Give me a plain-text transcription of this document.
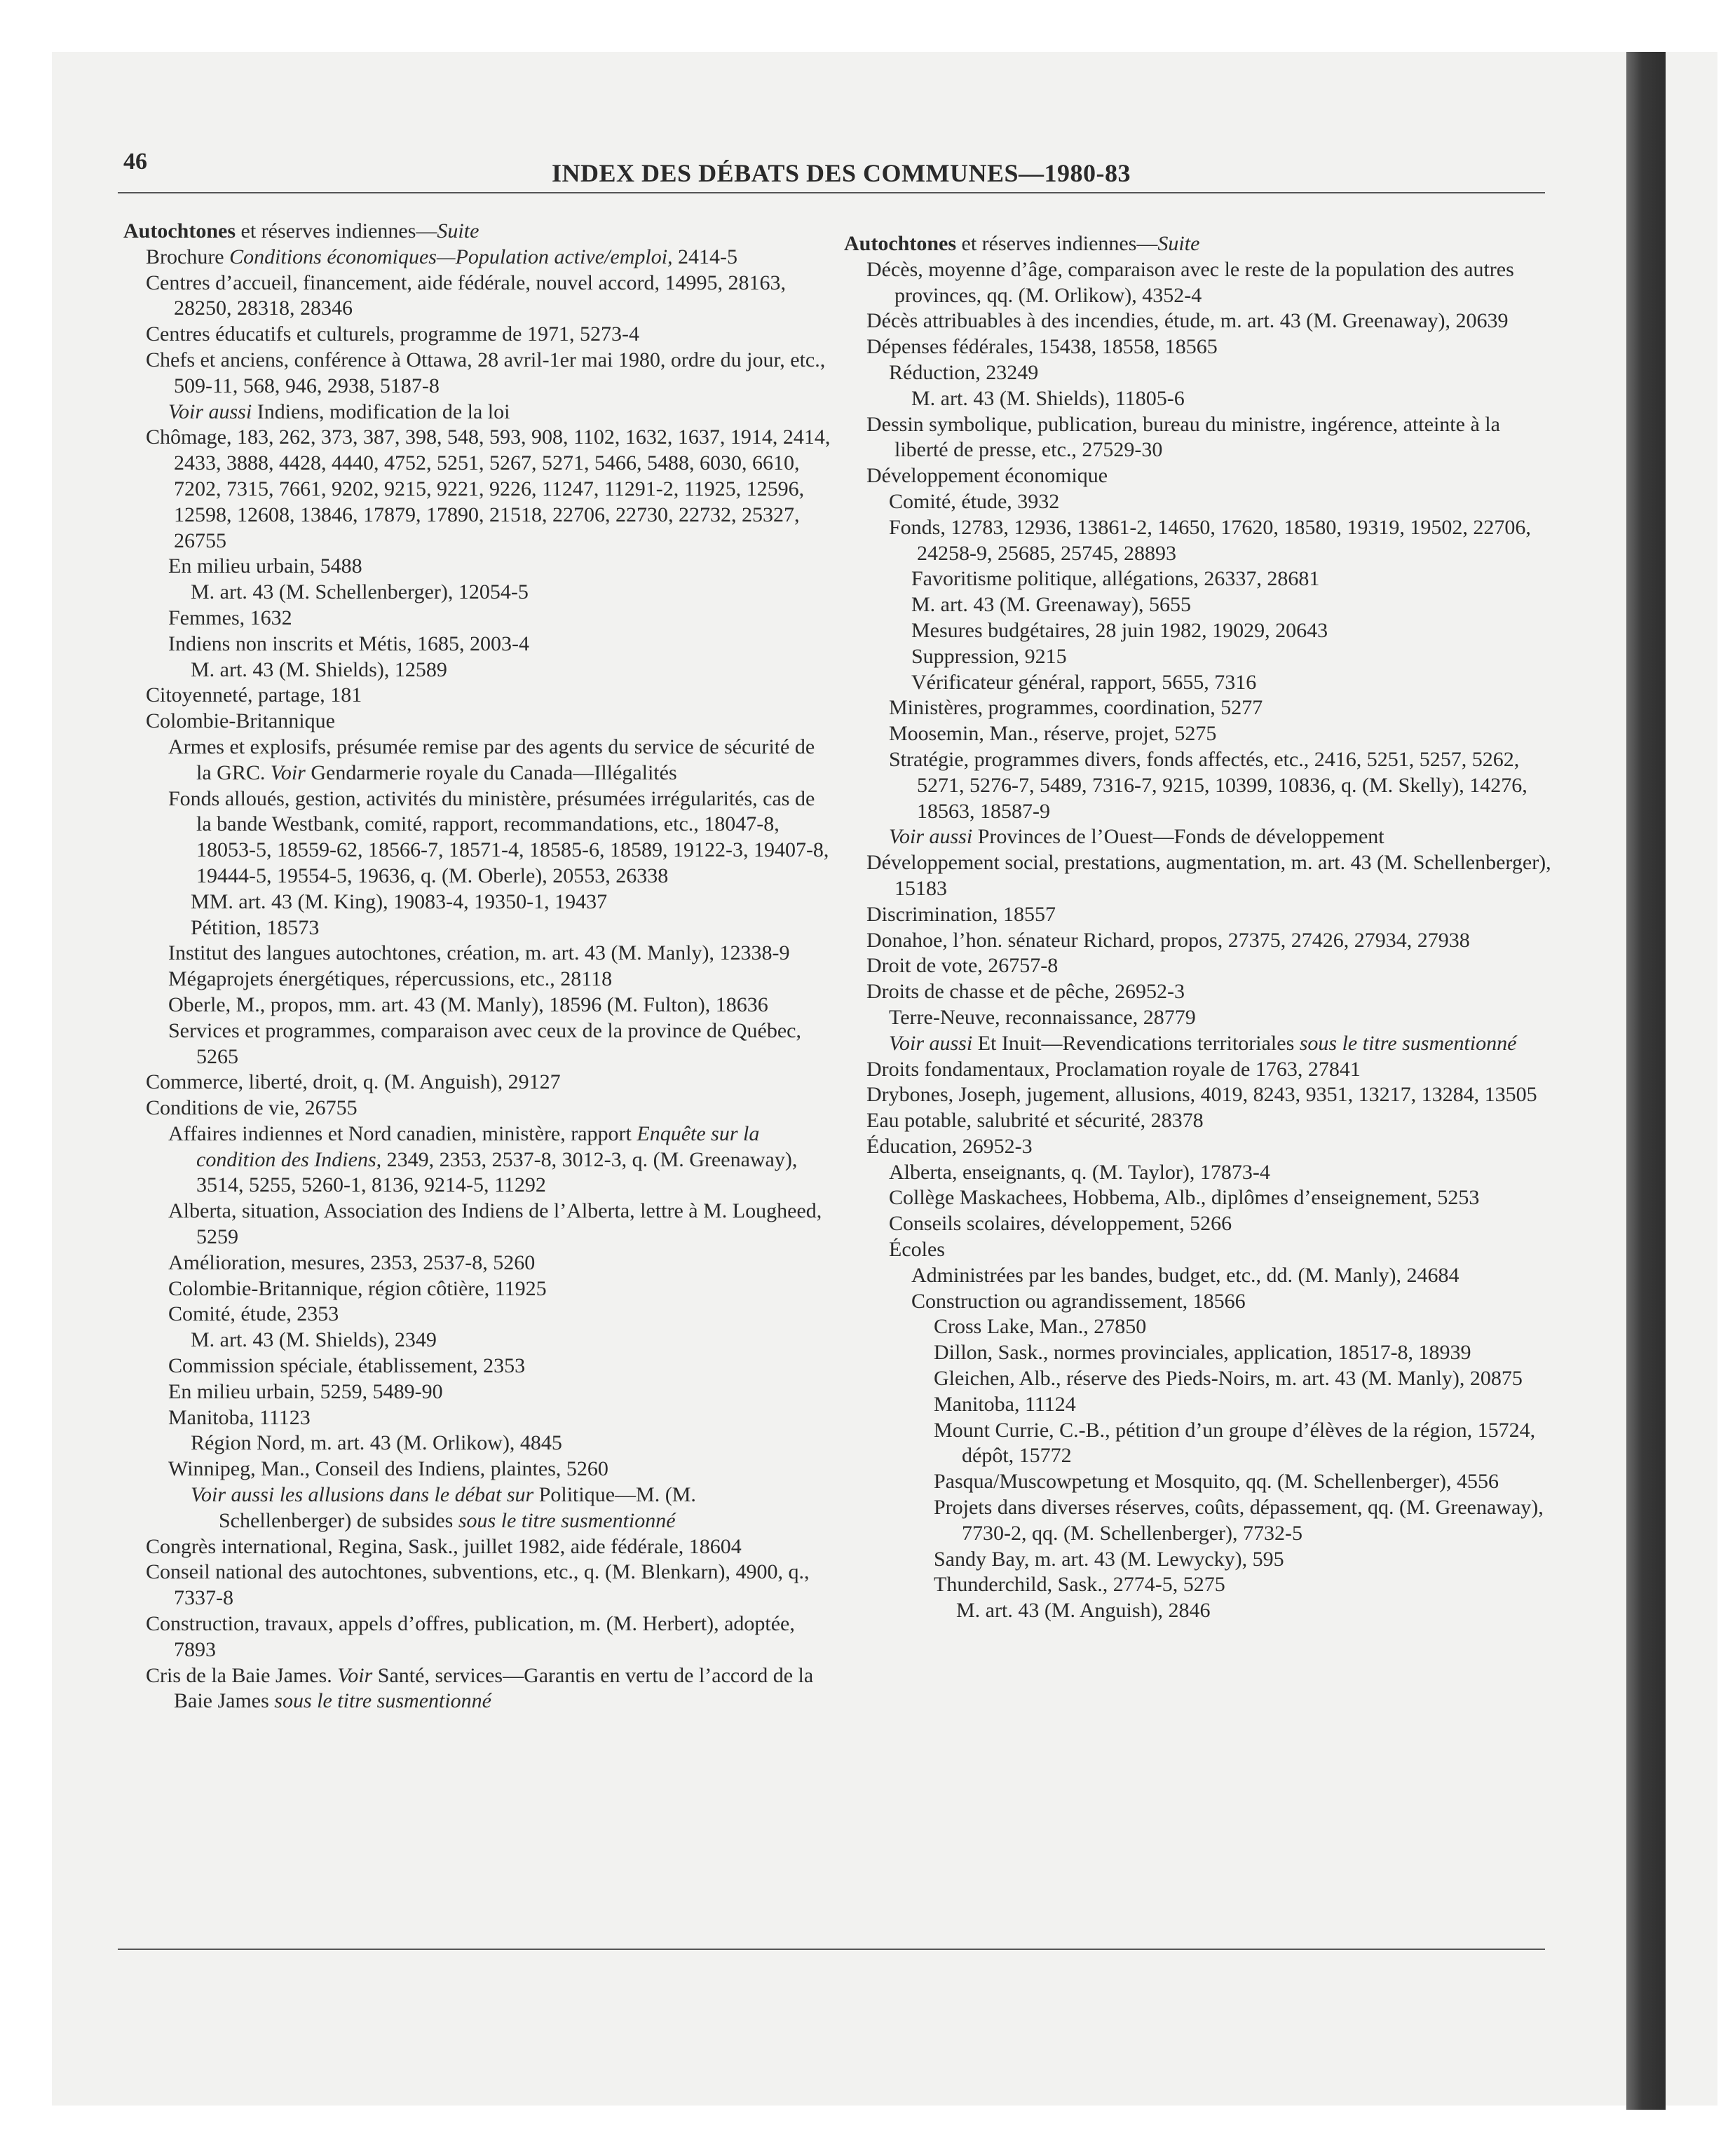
46	INDEX DES DÉBATS DES COMMUNES—1980-83
Autochtones et réserves indiennes—Suite
Brochure Conditions économiques—Population active/emploi, 2414-5
Centres d’accueil, financement, aide fédérale, nouvel accord, 14995, 28163, 28250, 28318, 28346
Centres éducatifs et culturels, programme de 1971, 5273-4
Chefs et anciens, conférence à Ottawa, 28 avril-1er mai 1980, ordre du jour, etc., 509-11, 568, 946, 2938, 5187-8
Voir aussi Indiens, modification de la loi
Chômage, 183, 262, 373, 387, 398, 548, 593, 908, 1102, 1632, 1637, 1914, 2414, 2433, 3888, 4428, 4440, 4752, 5251, 5267, 5271, 5466, 5488, 6030, 6610, 7202, 7315, 7661, 9202, 9215, 9221, 9226, 11247, 11291-2, 11925, 12596, 12598, 12608, 13846, 17879, 17890, 21518, 22706, 22730, 22732, 25327, 26755
En milieu urbain, 5488
M. art. 43 (M. Schellenberger), 12054-5
Femmes, 1632
Indiens non inscrits et Métis, 1685, 2003-4
M. art. 43 (M. Shields), 12589
Citoyenneté, partage, 181
Colombie-Britannique
Armes et explosifs, présumée remise par des agents du service de sécurité de la GRC. Voir Gendarmerie royale du Canada—Illégalités
Fonds alloués, gestion, activités du ministère, présumées irrégularités, cas de la bande Westbank, comité, rapport, recommandations, etc., 18047-8, 18053-5, 18559-62, 18566-7, 18571-4, 18585-6, 18589, 19122-3, 19407-8, 19444-5, 19554-5, 19636, q. (M. Oberle), 20553, 26338
MM. art. 43 (M. King), 19083-4, 19350-1, 19437
Pétition, 18573
Institut des langues autochtones, création, m. art. 43 (M. Manly), 12338-9
Mégaprojets énergétiques, répercussions, etc., 28118
Oberle, M., propos, mm. art. 43 (M. Manly), 18596 (M. Fulton), 18636
Services et programmes, comparaison avec ceux de la province de Québec, 5265
Commerce, liberté, droit, q. (M. Anguish), 29127
Conditions de vie, 26755
Affaires indiennes et Nord canadien, ministère, rapport Enquête sur la condition des Indiens, 2349, 2353, 2537-8, 3012-3, q. (M. Greenaway), 3514, 5255, 5260-1, 8136, 9214-5, 11292
Alberta, situation, Association des Indiens de l’Alberta, lettre à M. Lougheed, 5259
Amélioration, mesures, 2353, 2537-8, 5260
Colombie-Britannique, région côtière, 11925
Comité, étude, 2353
M. art. 43 (M. Shields), 2349
Commission spéciale, établissement, 2353
En milieu urbain, 5259, 5489-90
Manitoba, 11123
Région Nord, m. art. 43 (M. Orlikow), 4845
Winnipeg, Man., Conseil des Indiens, plaintes, 5260
Voir aussi les allusions dans le débat sur Politique—M. (M. Schellenberger) de subsides sous le titre susmentionné
Congrès international, Regina, Sask., juillet 1982, aide fédérale, 18604
Conseil national des autochtones, subventions, etc., q. (M. Blenkarn), 4900, q., 7337-8
Construction, travaux, appels d’offres, publication, m. (M. Herbert), adoptée, 7893
Cris de la Baie James. Voir Santé, services—Garantis en vertu de l’accord de la Baie James sous le titre susmentionné
Autochtones et réserves indiennes—Suite
Décès, moyenne d’âge, comparaison avec le reste de la population des autres provinces, qq. (M. Orlikow), 4352-4
Décès attribuables à des incendies, étude, m. art. 43 (M. Greenaway), 20639
Dépenses fédérales, 15438, 18558, 18565
Réduction, 23249
M. art. 43 (M. Shields), 11805-6
Dessin symbolique, publication, bureau du ministre, ingérence, atteinte à la liberté de presse, etc., 27529-30
Développement économique
Comité, étude, 3932
Fonds, 12783, 12936, 13861-2, 14650, 17620, 18580, 19319, 19502, 22706, 24258-9, 25685, 25745, 28893
Favoritisme politique, allégations, 26337, 28681
M. art. 43 (M. Greenaway), 5655
Mesures budgétaires, 28 juin 1982, 19029, 20643
Suppression, 9215
Vérificateur général, rapport, 5655, 7316
Ministères, programmes, coordination, 5277
Moosemin, Man., réserve, projet, 5275
Stratégie, programmes divers, fonds affectés, etc., 2416, 5251, 5257, 5262, 5271, 5276-7, 5489, 7316-7, 9215, 10399, 10836, q. (M. Skelly), 14276, 18563, 18587-9
Voir aussi Provinces de l’Ouest—Fonds de développement
Développement social, prestations, augmentation, m. art. 43 (M. Schellenberger), 15183
Discrimination, 18557
Donahoe, l’hon. sénateur Richard, propos, 27375, 27426, 27934, 27938
Droit de vote, 26757-8
Droits de chasse et de pêche, 26952-3
Terre-Neuve, reconnaissance, 28779
Voir aussi Et Inuit—Revendications territoriales sous le titre susmentionné
Droits fondamentaux, Proclamation royale de 1763, 27841
Drybones, Joseph, jugement, allusions, 4019, 8243, 9351, 13217, 13284, 13505
Eau potable, salubrité et sécurité, 28378
Éducation, 26952-3
Alberta, enseignants, q. (M. Taylor), 17873-4
Collège Maskachees, Hobbema, Alb., diplômes d’enseignement, 5253
Conseils scolaires, développement, 5266
Écoles
Administrées par les bandes, budget, etc., dd. (M. Manly), 24684
Construction ou agrandissement, 18566
Cross Lake, Man., 27850
Dillon, Sask., normes provinciales, application, 18517-8, 18939
Gleichen, Alb., réserve des Pieds-Noirs, m. art. 43 (M. Manly), 20875
Manitoba, 11124
Mount Currie, C.-B., pétition d’un groupe d’élèves de la région, 15724, dépôt, 15772
Pasqua/Muscowpetung et Mosquito, qq. (M. Schellenberger), 4556
Projets dans diverses réserves, coûts, dépassement, qq. (M. Greenaway), 7730-2, qq. (M. Schellenberger), 7732-5
Sandy Bay, m. art. 43 (M. Lewycky), 595
Thunderchild, Sask., 2774-5, 5275
M. art. 43 (M. Anguish), 2846
